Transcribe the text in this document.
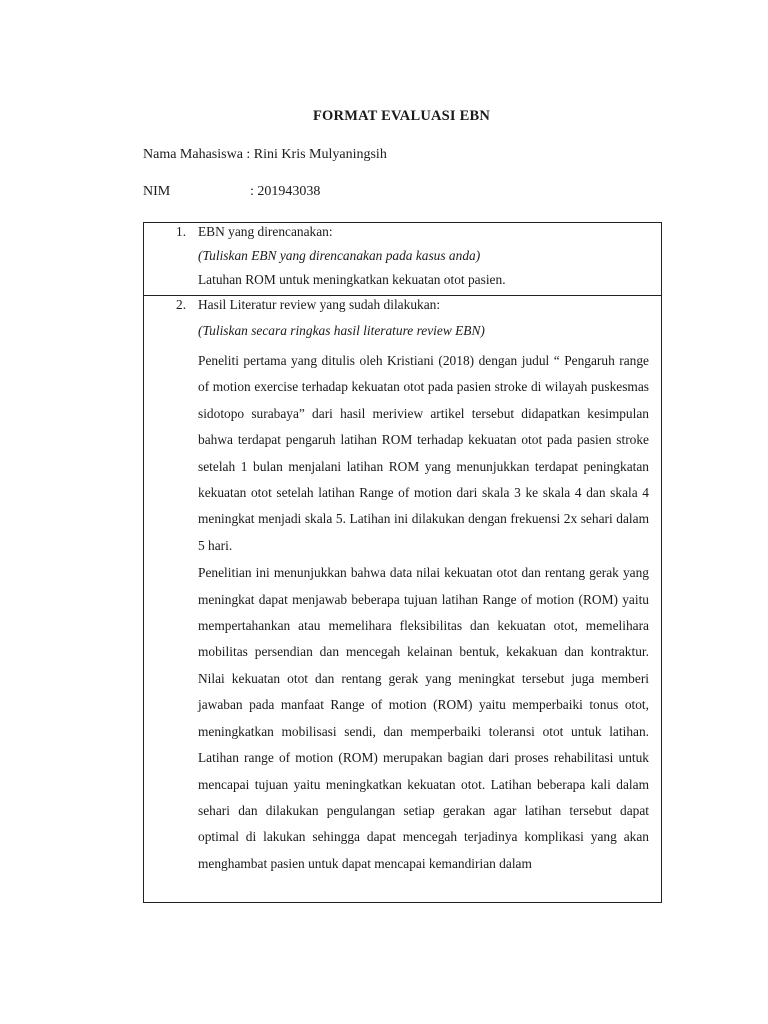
FORMAT EVALUASI EBN
Nama Mahasiswa : Rini Kris Mulyaningsih
NIM	: 201943038
1. EBN yang direncanakan:
(Tuliskan EBN yang direncanakan pada kasus anda)
Latuhan ROM untuk meningkatkan kekuatan otot pasien.

2. Hasil Literatur review yang sudah dilakukan:
(Tuliskan secara ringkas hasil literature review EBN)

Peneliti pertama yang ditulis oleh Kristiani (2018) dengan judul “ Pengaruh range of motion exercise terhadap kekuatan otot pada pasien stroke di wilayah puskesmas sidotopo surabaya” dari hasil meriview artikel tersebut didapatkan kesimpulan bahwa terdapat pengaruh latihan ROM terhadap kekuatan otot pada pasien stroke setelah 1 bulan menjalani latihan ROM yang menunjukkan terdapat peningkatan kekuatan otot setelah latihan Range of motion dari skala 3 ke skala 4 dan skala 4 meningkat menjadi skala 5. Latihan ini dilakukan dengan frekuensi 2x sehari dalam 5 hari.

Penelitian ini menunjukkan bahwa data nilai kekuatan otot dan rentang gerak yang meningkat dapat menjawab beberapa tujuan latihan Range of motion (ROM) yaitu mempertahankan atau memelihara fleksibilitas dan kekuatan otot, memelihara mobilitas persendian dan mencegah kelainan bentuk, kekakuan dan kontraktur. Nilai kekuatan otot dan rentang gerak yang meningkat tersebut juga memberi jawaban pada manfaat Range of motion (ROM) yaitu memperbaiki tonus otot, meningkatkan mobilisasi sendi, dan memperbaiki toleransi otot untuk latihan. Latihan range of motion (ROM) merupakan bagian dari proses rehabilitasi untuk mencapai tujuan yaitu meningkatkan kekuatan otot. Latihan beberapa kali dalam sehari dan dilakukan pengulangan setiap gerakan agar latihan tersebut dapat optimal di lakukan sehingga dapat mencegah terjadinya komplikasi yang akan menghambat pasien untuk dapat mencapai kemandirian dalam
